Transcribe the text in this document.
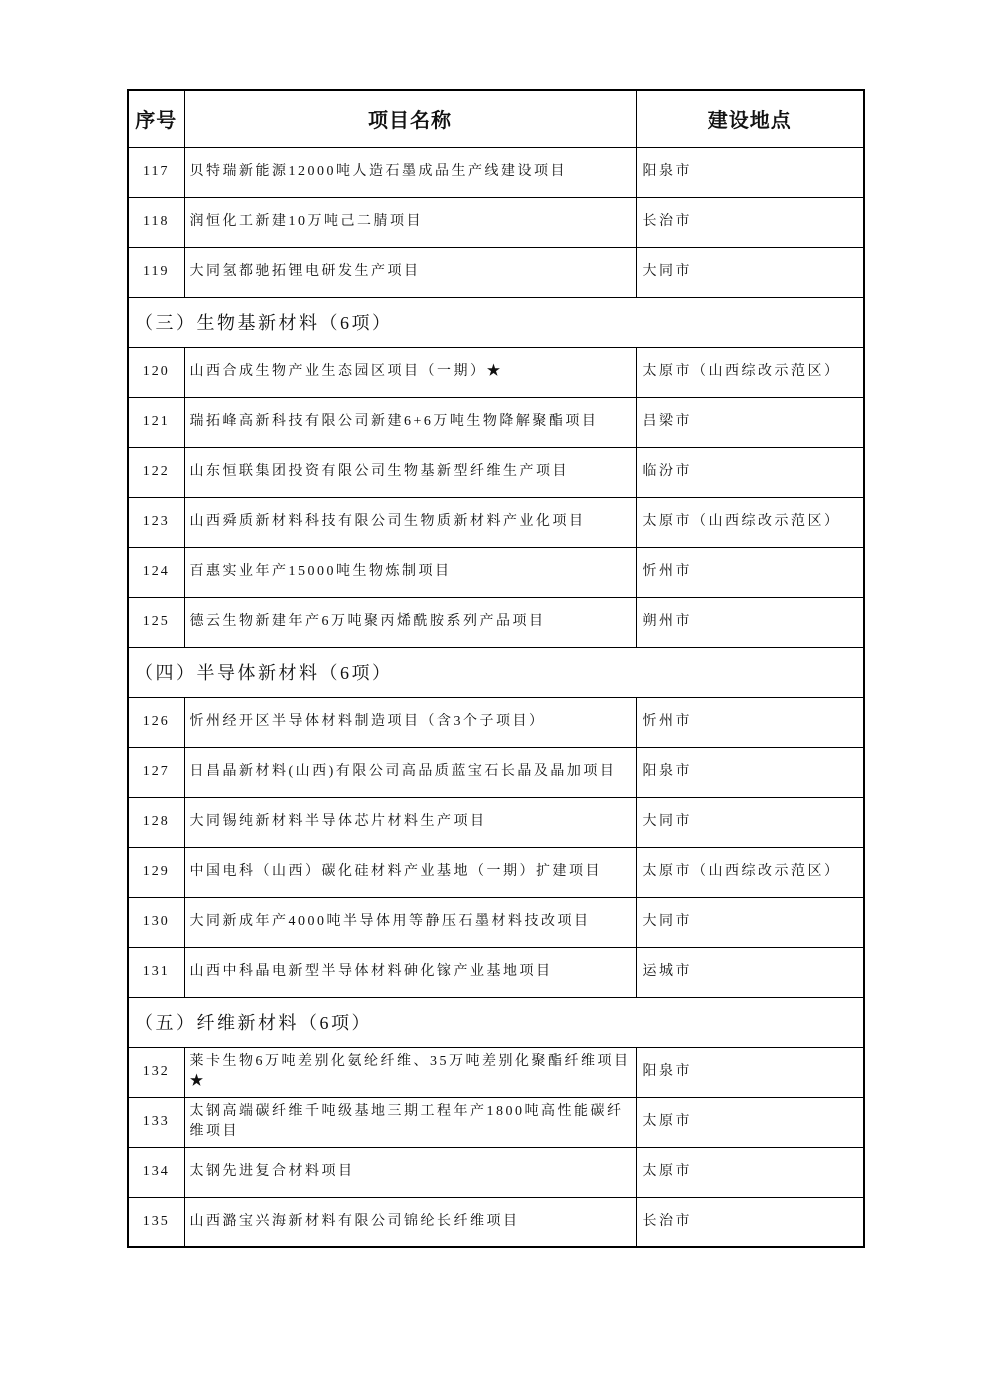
序号	项目名称	建设地点
117	贝特瑞新能源12000吨人造石墨成品生产线建设项目	阳泉市
118	润恒化工新建10万吨己二腈项目	长治市
119	大同氢都驰拓锂电研发生产项目	大同市
（三）生物基新材料（6项）		
120	山西合成生物产业生态园区项目（一期）★	太原市（山西综改示范区）
121	瑞拓峰高新科技有限公司新建6+6万吨生物降解聚酯项目	吕梁市
122	山东恒联集团投资有限公司生物基新型纤维生产项目	临汾市
123	山西舜质新材料科技有限公司生物质新材料产业化项目	太原市（山西综改示范区）
124	百惠实业年产15000吨生物炼制项目	忻州市
125	德云生物新建年产6万吨聚丙烯酰胺系列产品项目	朔州市
（四）半导体新材料（6项）		
126	忻州经开区半导体材料制造项目（含3个子项目）	忻州市
127	日昌晶新材料(山西)有限公司高品质蓝宝石长晶及晶加项目	阳泉市
128	大同锡纯新材料半导体芯片材料生产项目	大同市
129	中国电科（山西）碳化硅材料产业基地（一期）扩建项目	太原市（山西综改示范区）
130	大同新成年产4000吨半导体用等静压石墨材料技改项目	大同市
131	山西中科晶电新型半导体材料砷化镓产业基地项目	运城市
（五）纤维新材料（6项）		
132	莱卡生物6万吨差别化氨纶纤维、35万吨差别化聚酯纤维项目★	阳泉市
133	太钢高端碳纤维千吨级基地三期工程年产1800吨高性能碳纤维项目	太原市
134	太钢先进复合材料项目	太原市
135	山西潞宝兴海新材料有限公司锦纶长纤维项目	长治市
